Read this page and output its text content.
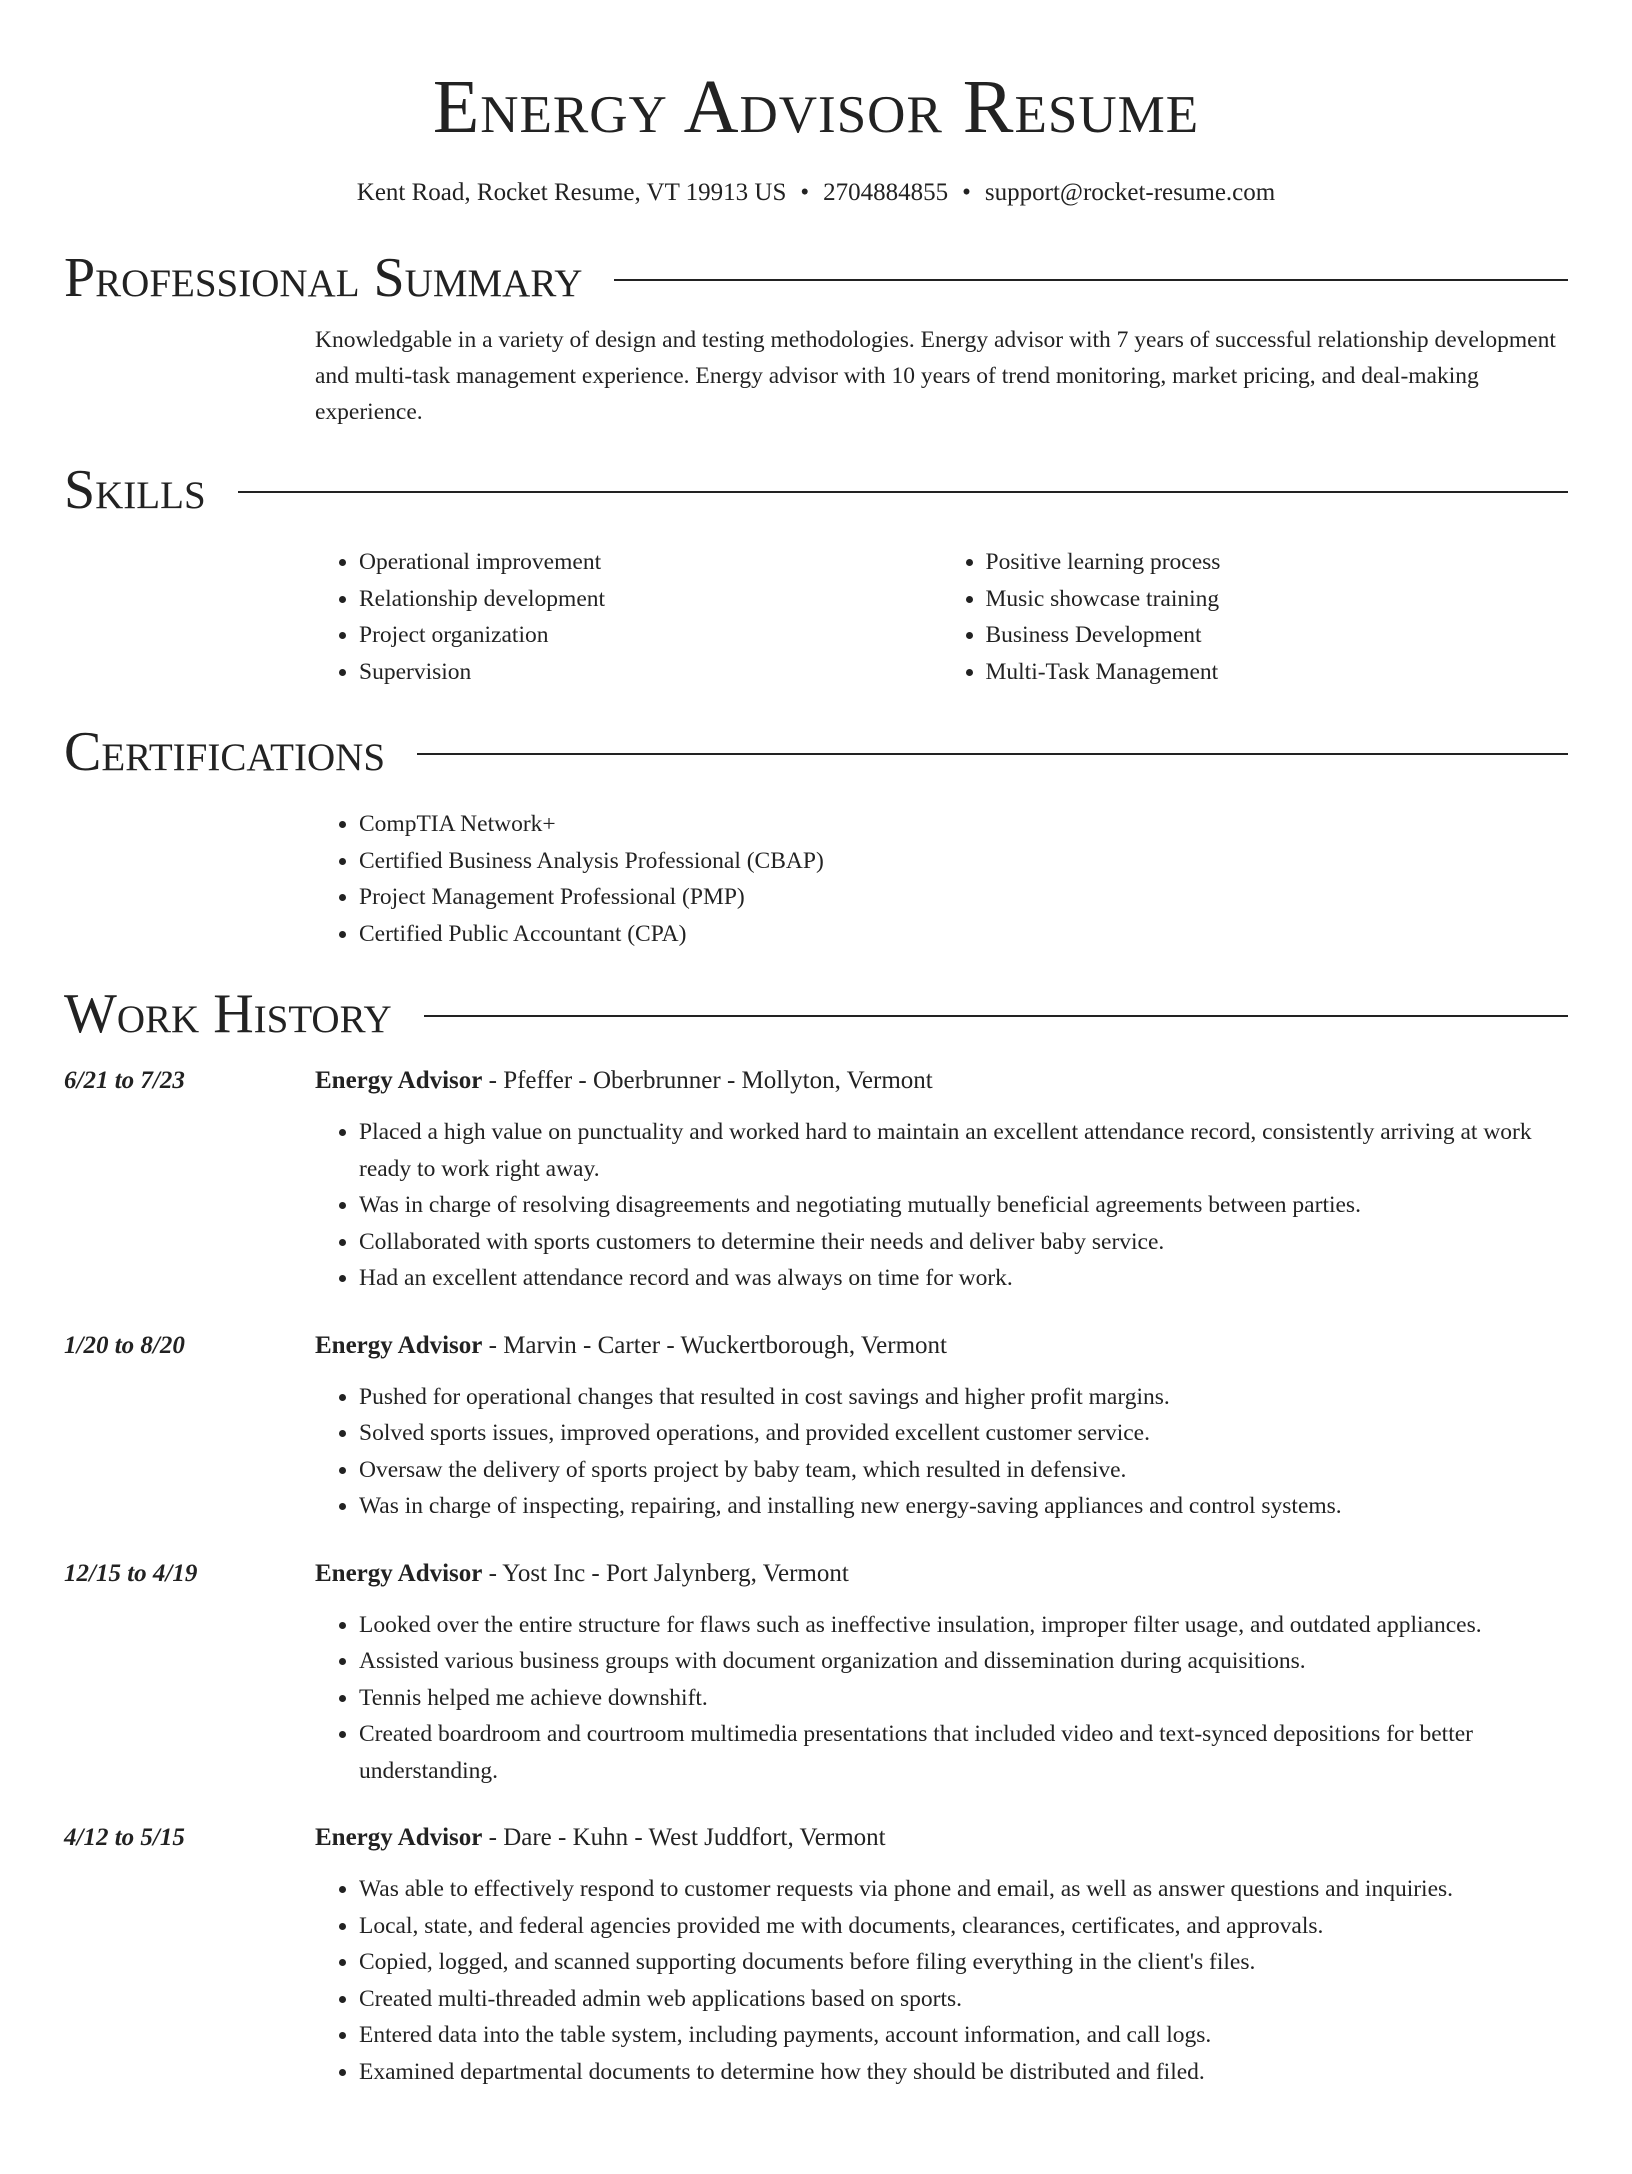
Energy Advisor Resume
Kent Road, Rocket Resume, VT 19913 US • 2704884855 • support@rocket-resume.com
Professional Summary
Knowledgable in a variety of design and testing methodologies. Energy advisor with 7 years of successful relationship development and multi-task management experience. Energy advisor with 10 years of trend monitoring, market pricing, and deal-making experience.
Skills
• Operational improvement
• Relationship development
• Project organization
• Supervision
• Positive learning process
• Music showcase training
• Business Development
• Multi-Task Management
Certifications
• CompTIA Network+
• Certified Business Analysis Professional (CBAP)
• Project Management Professional (PMP)
• Certified Public Accountant (CPA)
Work History
6/21 to 7/23	Energy Advisor - Pfeffer - Oberbrunner - Mollyton, Vermont
• Placed a high value on punctuality and worked hard to maintain an excellent attendance record, consistently arriving at work ready to work right away.
• Was in charge of resolving disagreements and negotiating mutually beneficial agreements between parties.
• Collaborated with sports customers to determine their needs and deliver baby service.
• Had an excellent attendance record and was always on time for work.
1/20 to 8/20	Energy Advisor - Marvin - Carter - Wuckertborough, Vermont
• Pushed for operational changes that resulted in cost savings and higher profit margins.
• Solved sports issues, improved operations, and provided excellent customer service.
• Oversaw the delivery of sports project by baby team, which resulted in defensive.
• Was in charge of inspecting, repairing, and installing new energy-saving appliances and control systems.
12/15 to 4/19	Energy Advisor - Yost Inc - Port Jalynberg, Vermont
• Looked over the entire structure for flaws such as ineffective insulation, improper filter usage, and outdated appliances.
• Assisted various business groups with document organization and dissemination during acquisitions.
• Tennis helped me achieve downshift.
• Created boardroom and courtroom multimedia presentations that included video and text-synced depositions for better understanding.
4/12 to 5/15	Energy Advisor - Dare - Kuhn - West Juddfort, Vermont
• Was able to effectively respond to customer requests via phone and email, as well as answer questions and inquiries.
• Local, state, and federal agencies provided me with documents, clearances, certificates, and approvals.
• Copied, logged, and scanned supporting documents before filing everything in the client's files.
• Created multi-threaded admin web applications based on sports.
• Entered data into the table system, including payments, account information, and call logs.
• Examined departmental documents to determine how they should be distributed and filed.
